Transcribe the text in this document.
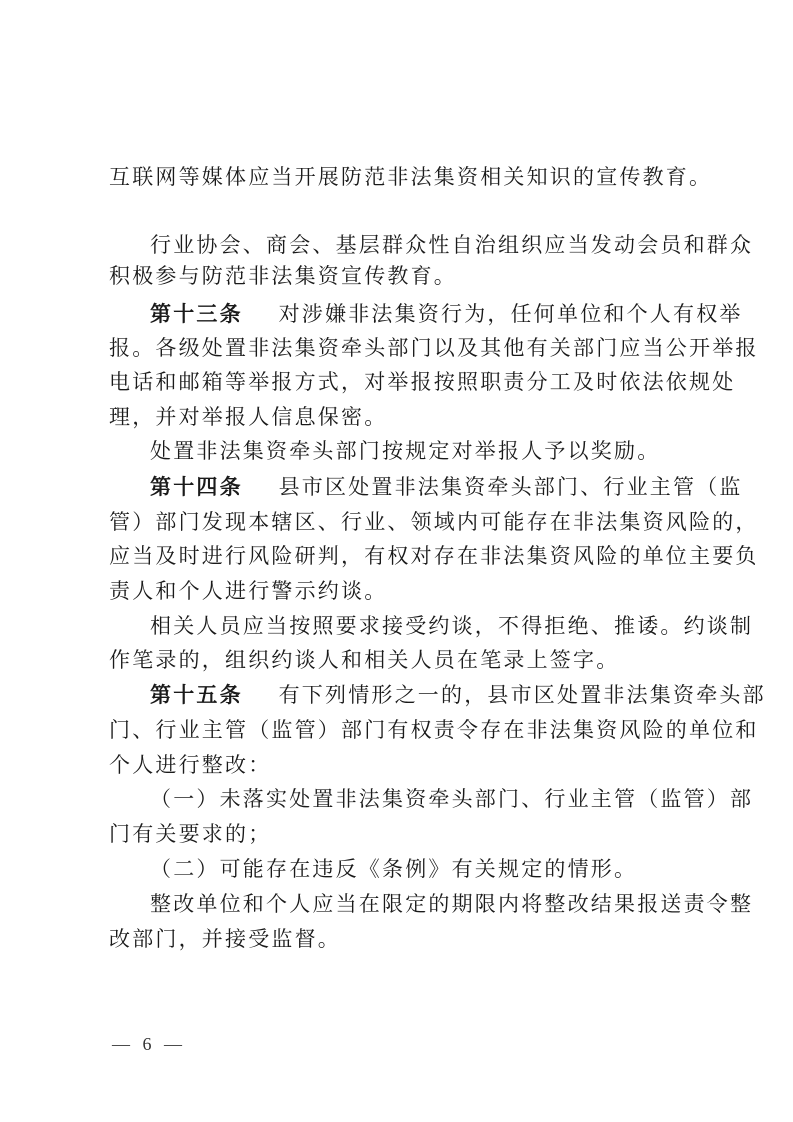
互联网等媒体应当开展防范非法集资相关知识的宣传教育。
行业协会、商会、基层群众性自治组织应当发动会员和群众
积极参与防范非法集资宣传教育。
第十三条 对涉嫌非法集资行为，任何单位和个人有权举
报。各级处置非法集资牵头部门以及其他有关部门应当公开举报
电话和邮箱等举报方式，对举报按照职责分工及时依法依规处
理，并对举报人信息保密。
处置非法集资牵头部门按规定对举报人予以奖励。
第十四条 县市区处置非法集资牵头部门、行业主管（监
管）部门发现本辖区、行业、领域内可能存在非法集资风险的，
应当及时进行风险研判，有权对存在非法集资风险的单位主要负
责人和个人进行警示约谈。
相关人员应当按照要求接受约谈，不得拒绝、推诿。约谈制
作笔录的，组织约谈人和相关人员在笔录上签字。
第十五条 有下列情形之一的，县市区处置非法集资牵头部
门、行业主管（监管）部门有权责令存在非法集资风险的单位和
个人进行整改：
（一）未落实处置非法集资牵头部门、行业主管（监管）部
门有关要求的；
（二）可能存在违反《条例》有关规定的情形。
整改单位和个人应当在限定的期限内将整改结果报送责令整
改部门，并接受监督。
— 6 —
